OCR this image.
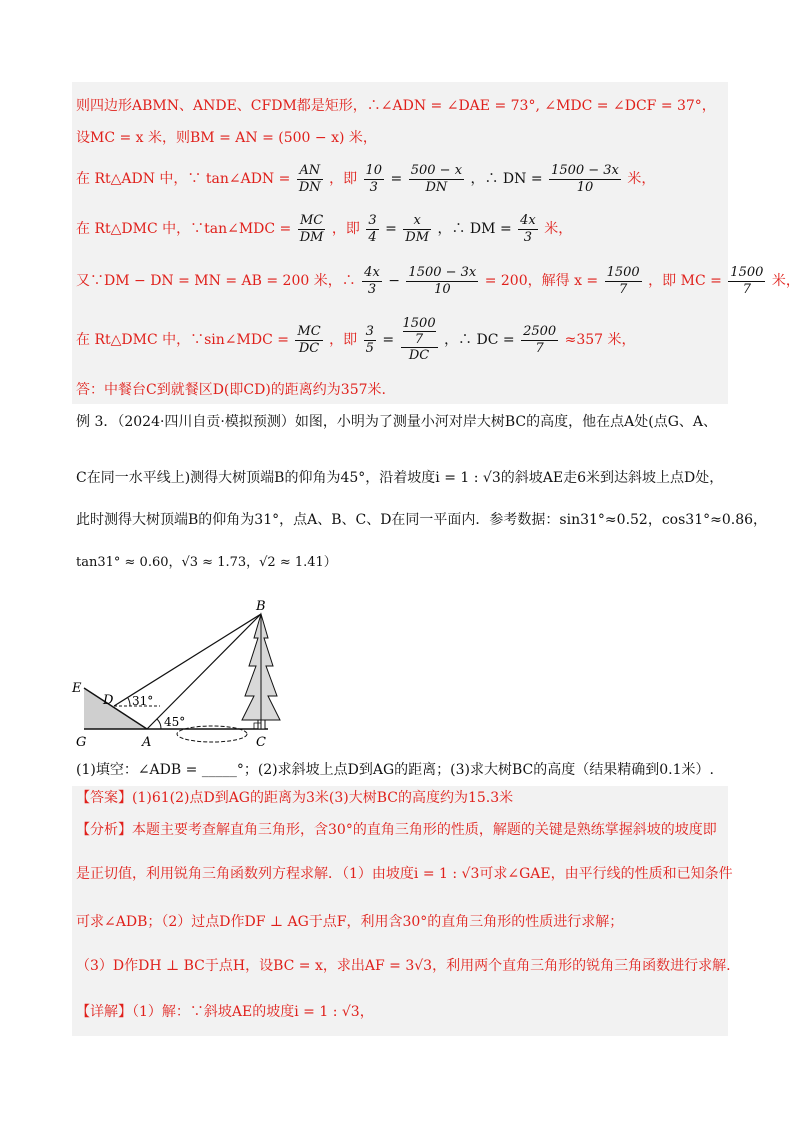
则四边形ABMN、ANDE、CFDM都是矩形，∴∠ADN = ∠DAE = 73°, ∠MDC = ∠DCF = 37°，
设MC = x 米，则BM = AN = (500 − x) 米，
在 Rt△ADN 中，∵ tan∠ADN = $\frac{AN}{DN}$ ，即 $\frac{10}{3} = \frac{500 - x}{DN}$ ，∴ DN = $\frac{1500 - 3x}{10}$ 米，
在 Rt△DMC 中，∵tan∠MDC = $\frac{MC}{DM}$ ，即 $\frac{3}{4} = \frac{x}{DM}$ ，∴ DM = $\frac{4x}{3}$ 米，
又∵DM − DN = MN = AB = 200 米，∴ $\frac{4x}{3} - \frac{1500 - 3x}{10} = 200$，解得 $x = \frac{1500}{7}$ ，即 MC = $\frac{1500}{7}$ 米，
在 Rt△DMC 中，∵sin∠MDC = $\frac{MC}{DC}$ ，即 $\frac{3}{5} = 1500$
7
DC ，∴ DC = $\frac{2500}{7} \approx 357$ 米，
答：中餐台C到就餐区D(即CD)的距离约为357米.
例 3．（2024·四川自贡·模拟预测）如图，小明为了测量小河对岸大树BC的高度，他在点A处(点G、A、
C在同一水平线上)测得大树顶端B的仰角为45°，沿着坡度i = 1 : √3的斜坡AE走6米到达斜坡上点D处，
此时测得大树顶端B的仰角为31°，点A、B、C、D在同一平面内．参考数据：sin31°≈0.52，cos31°≈0.86，
tan31° ≈ 0.60，√3 ≈ 1.73，√2 ≈ 1.41）
B
E
D 31°
45°
G	A	C
(1)填空：∠ADB = _____°；(2)求斜坡上点D到AG的距离；(3)求大树BC的高度（结果精确到0.1米）.
【答案】(1)61(2)点D到AG的距离为3米(3)大树BC的高度约为15.3米
【分析】本题主要考查解直角三角形，含30°的直角三角形的性质，解题的关键是熟练掌握斜坡的坡度即
是正切值，利用锐角三角函数列方程求解．（1）由坡度i = 1 : √3可求∠GAE，由平行线的性质和已知条件
可求∠ADB；（2）过点D作DF ⊥ AG于点F，利用含30°的直角三角形的性质进行求解；
（3）D作DH ⊥ BC于点H，设BC = x，求出AF = 3√3，利用两个直角三角形的锐角三角函数进行求解.
【详解】（1）解：∵斜坡AE的坡度i = 1 : √3，
